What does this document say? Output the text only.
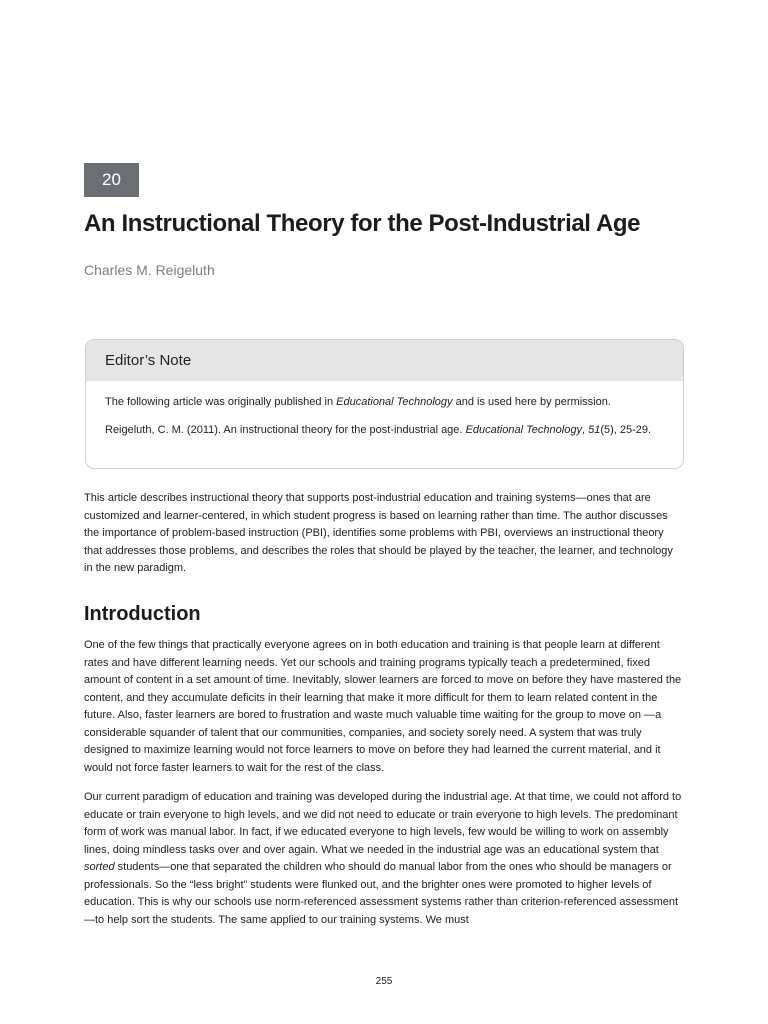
20
An Instructional Theory for the Post-Industrial Age
Charles M. Reigeluth
Editor’s Note

The following article was originally published in Educational Technology and is used here by permission.

Reigeluth, C. M. (2011). An instructional theory for the post-industrial age. Educational Technology, 51(5), 25-29.

This article describes instructional theory that supports post-industrial education and training systems—ones that are customized and learner-centered, in which student progress is based on learning rather than time. The author discusses the importance of problem-based instruction (PBI), identifies some problems with PBI, overviews an instructional theory that addresses those problems, and describes the roles that should be played by the teacher, the learner, and technology in the new paradigm.

Introduction

One of the few things that practically everyone agrees on in both education and training is that people learn at different rates and have different learning needs. Yet our schools and training programs typically teach a predetermined, fixed amount of content in a set amount of time. Inevitably, slower learners are forced to move on before they have mastered the content, and they accumulate deficits in their learning that make it more difficult for them to learn related content in the future. Also, faster learners are bored to frustration and waste much valuable time waiting for the group to move on —a considerable squander of talent that our communities, companies, and society sorely need. A system that was truly designed to maximize learning would not force learners to move on before they had learned the current material, and it would not force faster learners to wait for the rest of the class.

Our current paradigm of education and training was developed during the industrial age. At that time, we could not afford to educate or train everyone to high levels, and we did not need to educate or train everyone to high levels. The predominant form of work was manual labor. In fact, if we educated everyone to high levels, few would be willing to work on assembly lines, doing mindless tasks over and over again. What we needed in the industrial age was an educational system that sorted students—one that separated the children who should do manual labor from the ones who should be managers or professionals. So the “less bright” students were flunked out, and the brighter ones were promoted to higher levels of education. This is why our schools use norm-referenced assessment systems rather than criterion-referenced assessment—to help sort the students. The same applied to our training systems. We must

255
